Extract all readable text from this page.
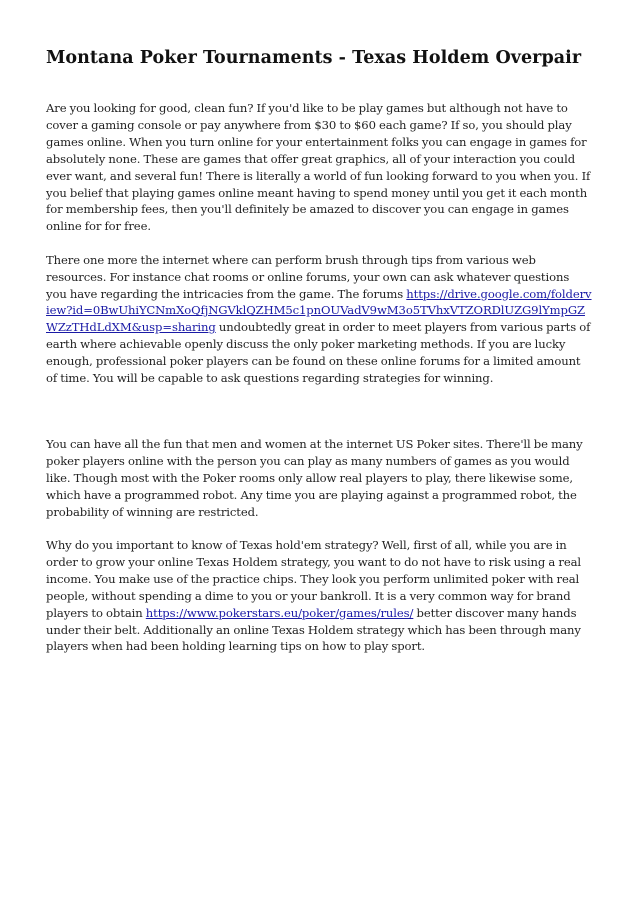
Montana Poker Tournaments - Texas Holdem Overpair

Are you looking for good, clean fun? If you'd like to be play games but although not have to cover a gaming console or pay anywhere from $30 to $60 each game? If so, you should play games online. When you turn online for your entertainment folks you can engage in games for absolutely none. These are games that offer great graphics, all of your interaction you could ever want, and several fun! There is literally a world of fun looking forward to you when you. If you belief that playing games online meant having to spend money until you get it each month for membership fees, then you'll definitely be amazed to discover you can engage in games online for for free.

There one more the internet where can perform brush through tips from various web resources. For instance chat rooms or online forums, your own can ask whatever questions you have regarding the intricacies from the game. The forums https://drive.google.com/folderview?id=0BwUhiYCNmXoQfjNGVklQZHM5c1pnOUVadV9wM3o5TVhxVTZORDlUZG9lYmpGZWZzTHdLdXM&usp=sharing undoubtedly great in order to meet players from various parts of earth where achievable openly discuss the only poker marketing methods. If you are lucky enough, professional poker players can be found on these online forums for a limited amount of time. You will be capable to ask questions regarding strategies for winning.

You can have all the fun that men and women at the internet US Poker sites. There'll be many poker players online with the person you can play as many numbers of games as you would like. Though most with the Poker rooms only allow real players to play, there likewise some, which have a programmed robot. Any time you are playing against a programmed robot, the probability of winning are restricted.

Why do you important to know of Texas hold'em strategy? Well, first of all, while you are in order to grow your online Texas Holdem strategy, you want to do not have to risk using a real income. You make use of the practice chips. They look you perform unlimited poker with real people, without spending a dime to you or your bankroll. It is a very common way for brand players to obtain https://www.pokerstars.eu/poker/games/rules/ better discover many hands under their belt. Additionally an online Texas Holdem strategy which has been through many players when had been holding learning tips on how to play sport.
